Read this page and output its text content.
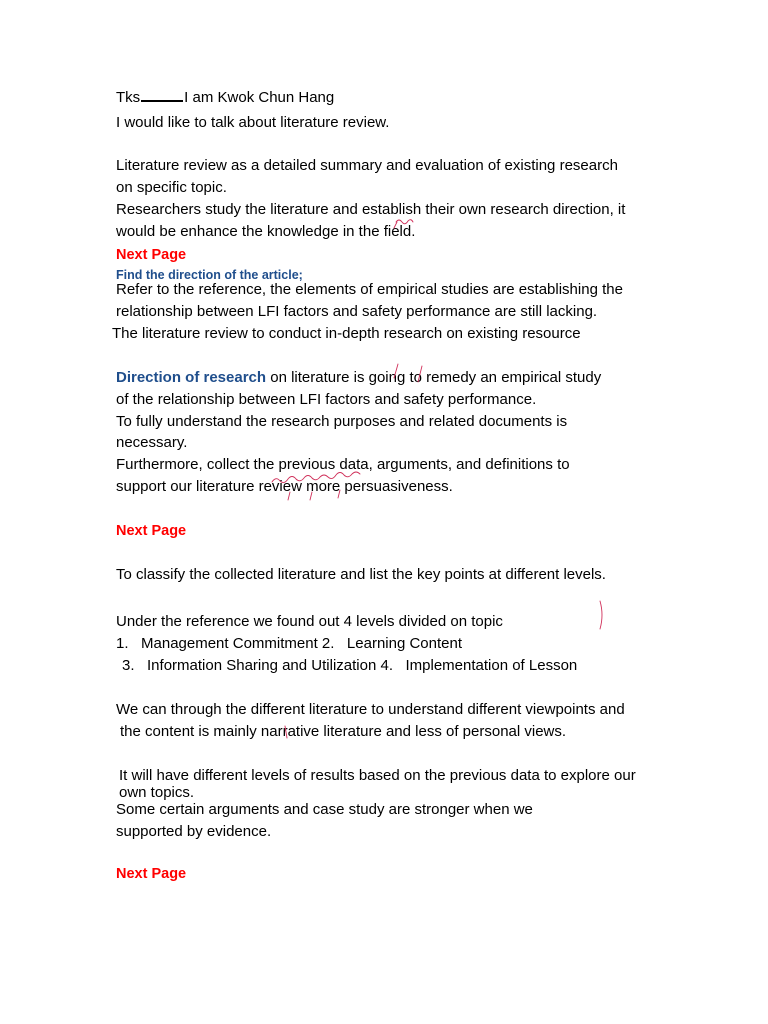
Tks	I am Kwok Chun Hang
I would like to talk about literature review.
Literature review as a detailed summary and evaluation of existing research
on specific topic.
Researchers study the literature and establish their own research direction, it
would be enhance the knowledge in the field.
Next Page
Find the direction of the article;
Refer to the reference, the elements of empirical studies are establishing the
relationship between LFI factors and safety performance are still lacking.
The literature review to conduct in-depth research on existing resource
Direction of research on literature is going to remedy an empirical study
of the relationship between LFI factors and safety performance.
To fully understand the research purposes and related documents is
necessary.
Furthermore, collect the previous data, arguments, and definitions to
support our literature review more persuasiveness.
Next Page
To classify the collected literature and list the key points at different levels.
Under the reference we found out 4 levels divided on topic
1.   Management Commitment 2.   Learning Content
3.   Information Sharing and Utilization 4.   Implementation of Lesson
We can through the different literature to understand different viewpoints and
the content is mainly narrative literature and less of personal views.
It will have different levels of results based on the previous data to explore our
own topics.
Some certain arguments and case study are stronger when we
supported by evidence.
Next Page
